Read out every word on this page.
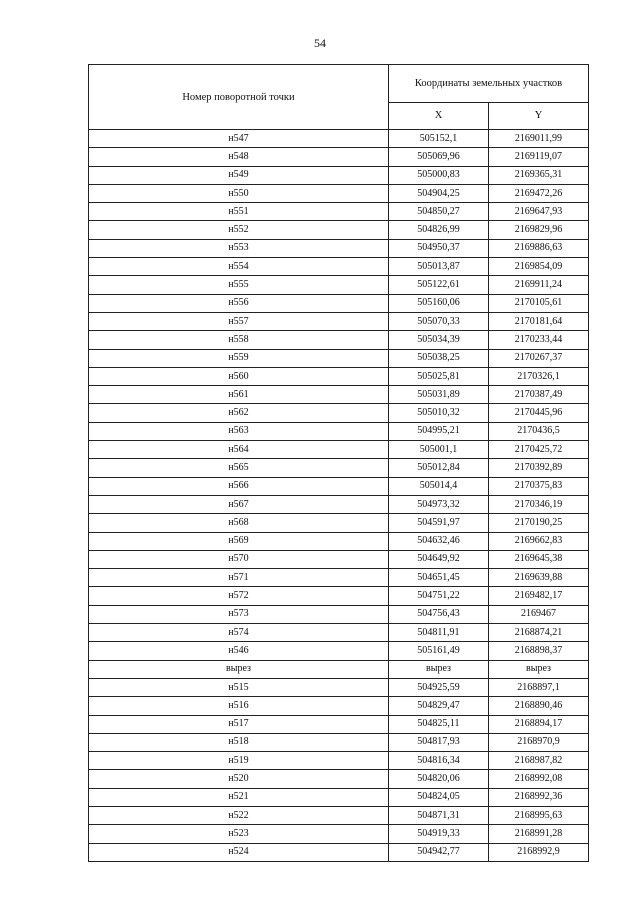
54
Номер поворотной точки	Координаты земельных участков	
	X	Y
н547	505152,1	2169011,99
н548	505069,96	2169119,07
н549	505000,83	2169365,31
н550	504904,25	2169472,26
н551	504850,27	2169647,93
н552	504826,99	2169829,96
н553	504950,37	2169886,63
н554	505013,87	2169854,09
н555	505122,61	2169911,24
н556	505160,06	2170105,61
н557	505070,33	2170181,64
н558	505034,39	2170233,44
н559	505038,25	2170267,37
н560	505025,81	2170326,1
н561	505031,89	2170387,49
н562	505010,32	2170445,96
н563	504995,21	2170436,5
н564	505001,1	2170425,72
н565	505012,84	2170392,89
н566	505014,4	2170375,83
н567	504973,32	2170346,19
н568	504591,97	2170190,25
н569	504632,46	2169662,83
н570	504649,92	2169645,38
н571	504651,45	2169639,88
н572	504751,22	2169482,17
н573	504756,43	2169467
н574	504811,91	2168874,21
н546	505161,49	2168898,37
вырез	вырез	вырез
н515	504925,59	2168897,1
н516	504829,47	2168890,46
н517	504825,11	2168894,17
н518	504817,93	2168970,9
н519	504816,34	2168987,82
н520	504820,06	2168992,08
н521	504824,05	2168992,36
н522	504871,31	2168995,63
н523	504919,33	2168991,28
н524	504942,77	2168992,9
